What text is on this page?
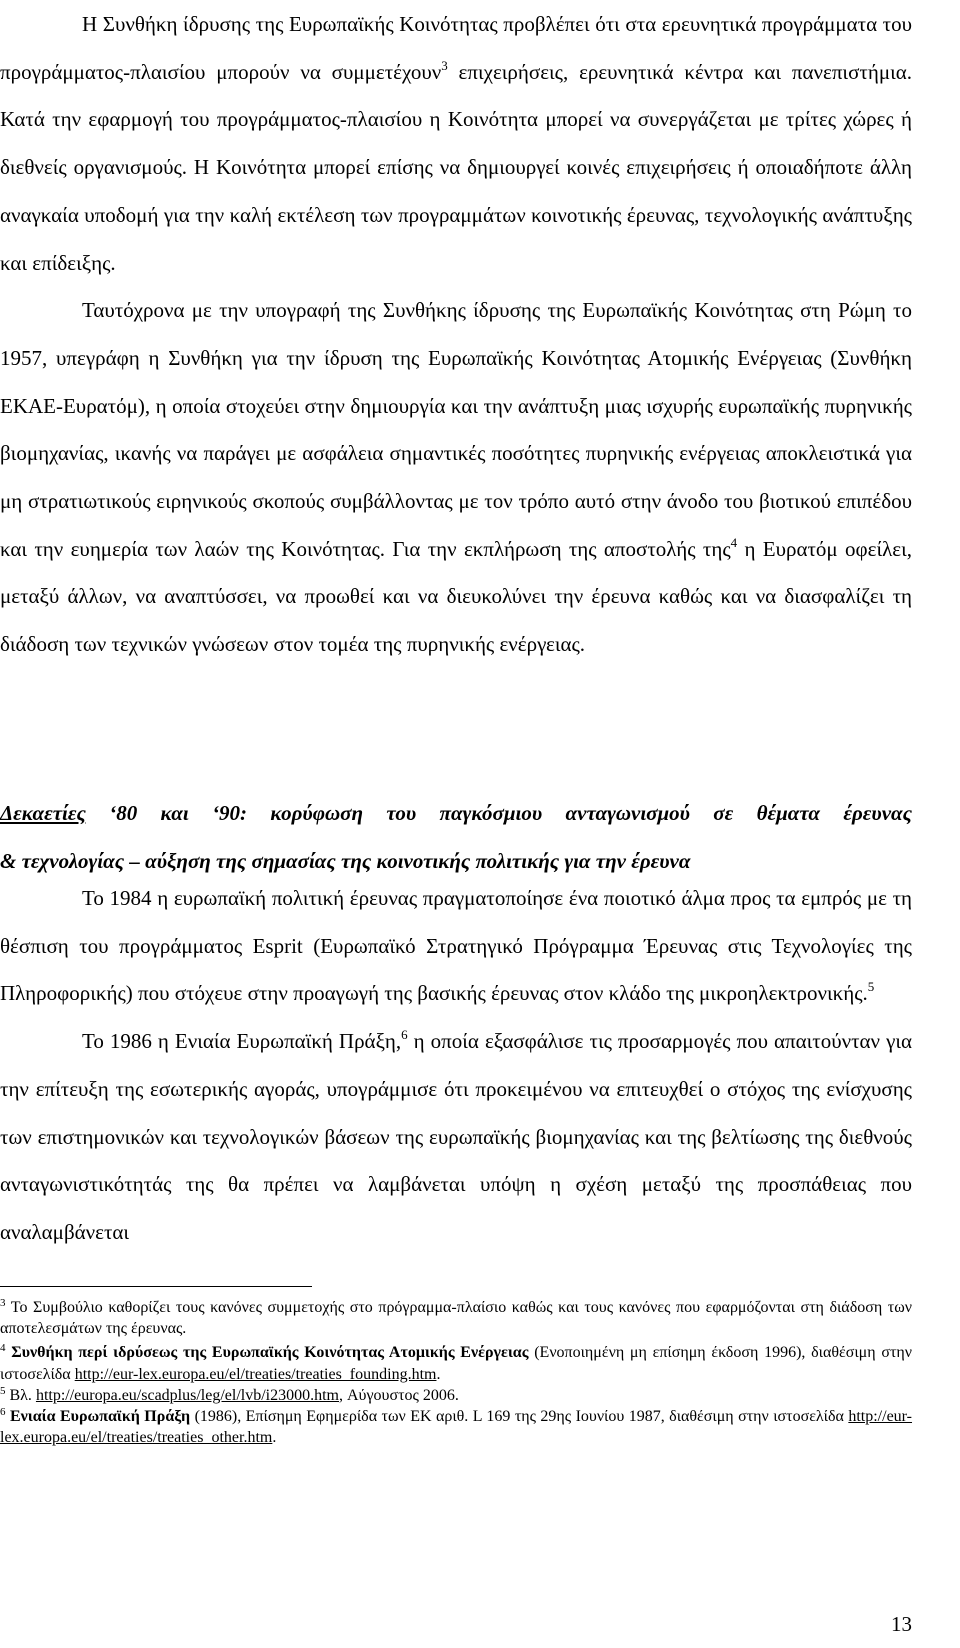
Η Συνθήκη ίδρυσης της Ευρωπαϊκής Κοινότητας προβλέπει ότι στα ερευνητικά προγράμματα του προγράμματος-πλαισίου μπορούν να συμμετέχουν$^3$ επιχειρήσεις, ερευνητικά κέντρα και πανεπιστήμια. Κατά την εφαρμογή του προγράμματος-πλαισίου η Κοινότητα μπορεί να συνεργάζεται με τρίτες χώρες ή διεθνείς οργανισμούς. Η Κοινότητα μπορεί επίσης να δημιουργεί κοινές επιχειρήσεις ή οποιαδήποτε άλλη αναγκαία υποδομή για την καλή εκτέλεση των προγραμμάτων κοινοτικής έρευνας, τεχνολογικής ανάπτυξης και επίδειξης.

Ταυτόχρονα με την υπογραφή της Συνθήκης ίδρυσης της Ευρωπαϊκής Κοινότητας στη Ρώμη το 1957, υπεγράφη η Συνθήκη για την ίδρυση της Ευρωπαϊκής Κοινότητας Ατομικής Ενέργειας (Συνθήκη ΕΚΑΕ-Ευρατόμ), η οποία στοχεύει στην δημιουργία και την ανάπτυξη μιας ισχυρής ευρωπαϊκής πυρηνικής βιομηχανίας, ικανής να παράγει με ασφάλεια σημαντικές ποσότητες πυρηνικής ενέργειας αποκλειστικά για μη στρατιωτικούς ειρηνικούς σκοπούς συμβάλλοντας με τον τρόπο αυτό στην άνοδο του βιοτικού επιπέδου και την ευημερία των λαών της Κοινότητας. Για την εκπλήρωση της αποστολής της$^4$ η Ευρατόμ οφείλει, μεταξύ άλλων, να αναπτύσσει, να προωθεί και να διευκολύνει την έρευνα καθώς και να διασφαλίζει τη διάδοση των τεχνικών γνώσεων στον τομέα της πυρηνικής ενέργειας.

Δεκαετίες ‘80 και ‘90: κορύφωση του παγκόσμιου ανταγωνισμού σε θέματα έρευνας
& τεχνολογίας – αύξηση της σημασίας της κοινοτικής πολιτικής για την έρευνα

Το 1984 η ευρωπαϊκή πολιτική έρευνας πραγματοποίησε ένα ποιοτικό άλμα προς τα εμπρός με τη θέσπιση του προγράμματος Esprit (Ευρωπαϊκό Στρατηγικό Πρόγραμμα Έρευνας στις Τεχνολογίες της Πληροφορικής) που στόχευε στην προαγωγή της βασικής έρευνας στον κλάδο της μικροηλεκτρονικής.$^5$

Το 1986 η Ενιαία Ευρωπαϊκή Πράξη,$^6$ η οποία εξασφάλισε τις προσαρμογές που απαιτούνταν για την επίτευξη της εσωτερικής αγοράς, υπογράμμισε ότι προκειμένου να επιτευχθεί ο στόχος της ενίσχυσης των επιστημονικών και τεχνολογικών βάσεων της ευρωπαϊκής βιομηχανίας και της βελτίωσης της διεθνούς ανταγωνιστικότητάς της θα πρέπει να λαμβάνεται υπόψη η σχέση μεταξύ της προσπάθειας που αναλαμβάνεται

$^3$ Το Συμβούλιο καθορίζει τους κανόνες συμμετοχής στο πρόγραμμα-πλαίσιο καθώς και τους κανόνες που εφαρμόζονται στη διάδοση των αποτελεσμάτων της έρευνας.

$^4$ Συνθήκη περί ιδρύσεως της Ευρωπαϊκής Κοινότητας Ατομικής Ενέργειας (Ενοποιημένη μη επίσημη έκδοση 1996), διαθέσιμη στην ιστοσελίδα http://eur-lex.europa.eu/el/treaties/treaties_founding.htm.

$^5$ Βλ. http://europa.eu/scadplus/leg/el/lvb/i23000.htm, Αύγουστος 2006.

$^6$ Ενιαία Ευρωπαϊκή Πράξη (1986), Επίσημη Εφημερίδα των ΕΚ αριθ. L 169 της 29ης Ιουνίου 1987, διαθέσιμη στην ιστοσελίδα http://eur-lex.europa.eu/el/treaties/treaties_other.htm.

13
